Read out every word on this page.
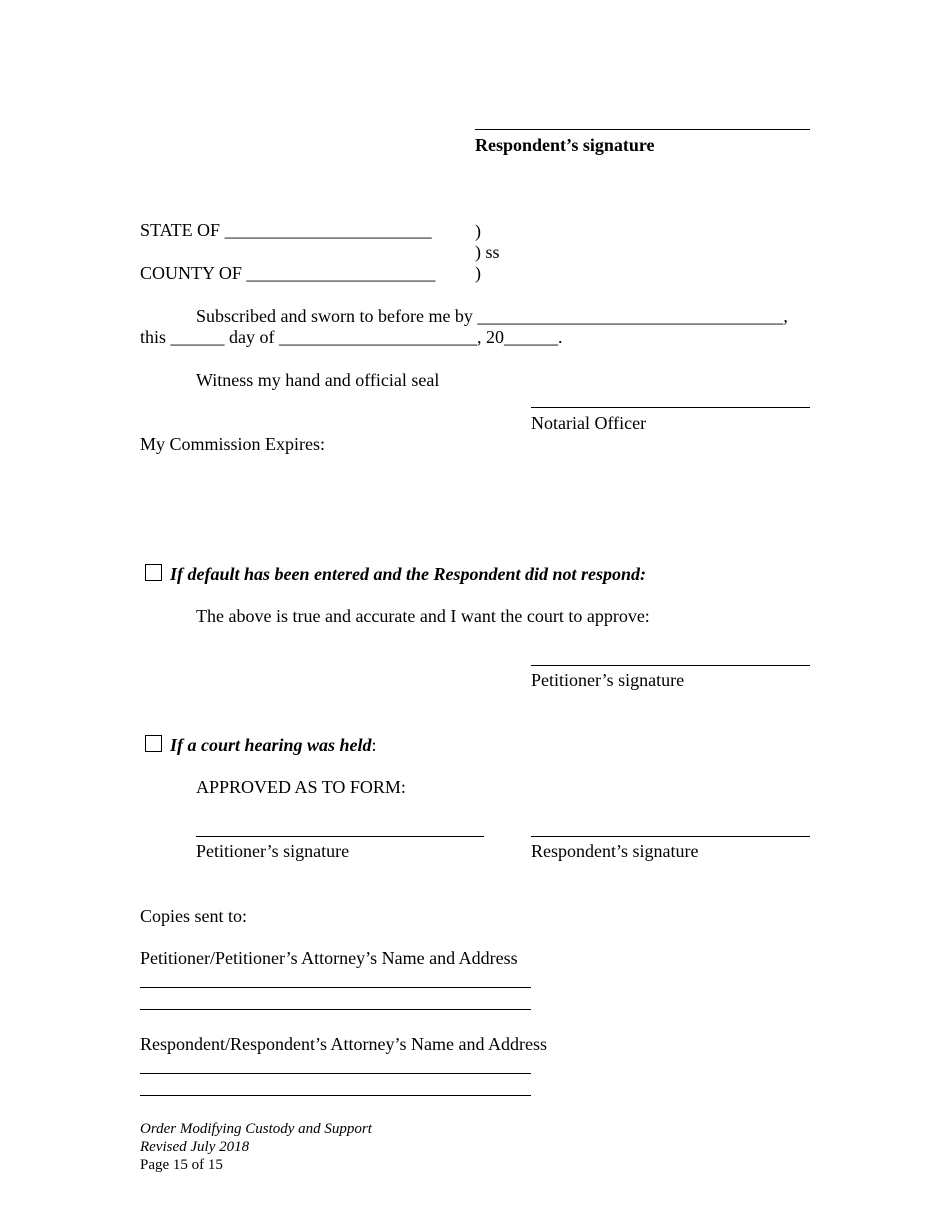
Respondent’s signature
STATE OF _______________________
COUNTY OF _____________________
)
) ss
)
Subscribed and sworn to before me by __________________________________,
this ______ day of ______________________, 20______.
Witness my hand and official seal
Notarial Officer
My Commission Expires:
If default has been entered and the Respondent did not respond:
The above is true and accurate and I want the court to approve:
Petitioner’s signature
If a court hearing was held:
APPROVED AS TO FORM:
Petitioner’s signature	Respondent’s signature
Copies sent to:
Petitioner/Petitioner’s Attorney’s Name and Address
Respondent/Respondent’s Attorney’s Name and Address
Order Modifying Custody and Support
Revised July 2018
Page 15 of 15
